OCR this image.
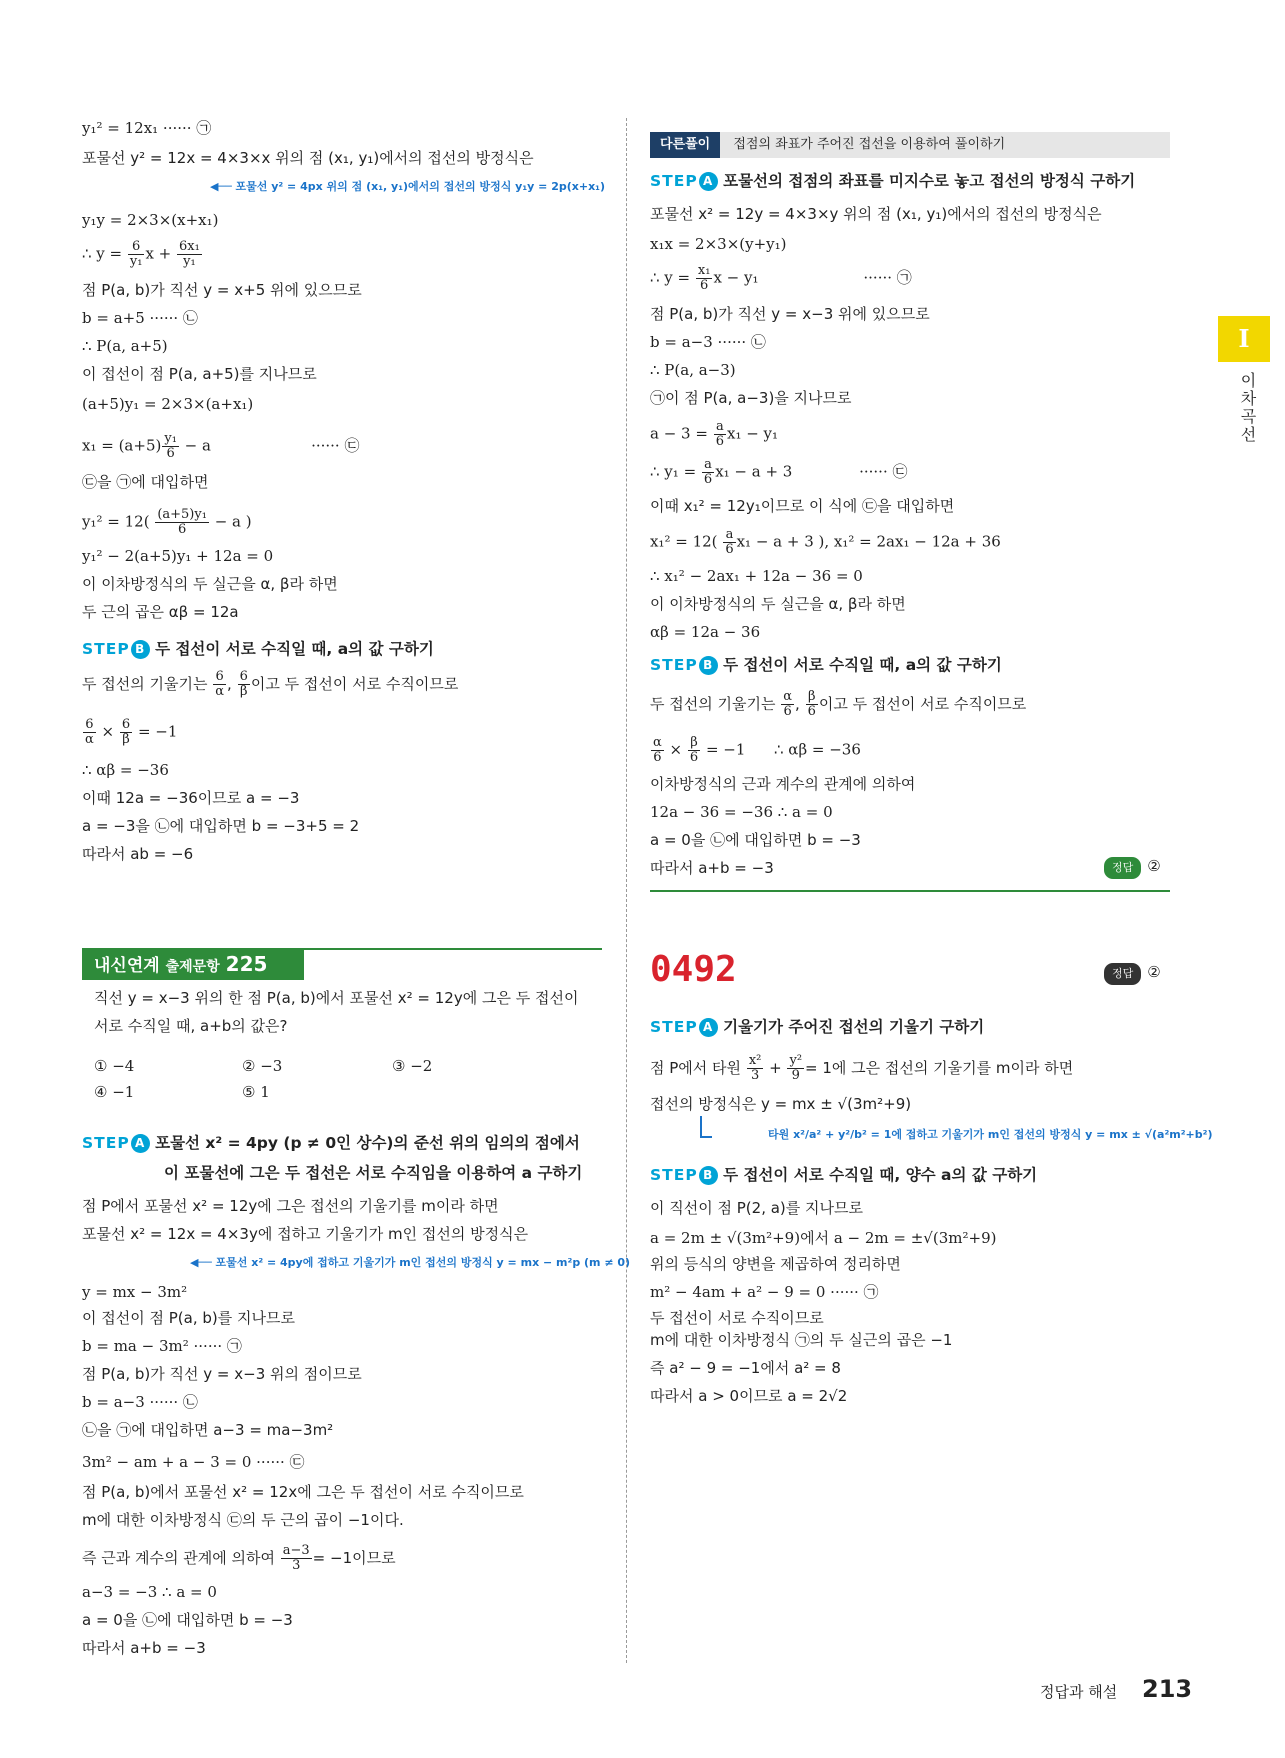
y₁² = 12x₁ ······ ㉠
포물선 y² = 12x = 4×3×x 위의 점 (x₁, y₁)에서의 접선의 방정식은
◀── 포물선 y² = 4px 위의 점 (x₁, y₁)에서의 접선의 방정식 y₁y = 2p(x+x₁)
y₁y = 2×3×(x+x₁)
∴ $y = \frac{6}{\text{y₁}}$ $x + \frac{\text{6x₁}}{\text{y₁}}$
점 P(a, b)가 직선 y = x+5 위에 있으므로
b = a+5 ······ ㉡
∴ P(a, a+5)
이 접선이 점 P(a, a+5)를 지나므로
(a+5)y₁ = 2×3×(a+x₁)
$x_1 = (a+5) \frac{\text{y₁}}{6} - a$                     ······ ㉢
㉢을 ㉠에 대입하면
$y_1^2 = 12( \frac{\text{(a+5)y₁}}{6} - a$ )
y₁² − 2(a+5)y₁ + 12a = 0
이 이차방정식의 두 실근을 α, β라 하면
두 근의 곱은 αβ = 12a
STEP B 두 접선이 서로 수직일 때, a의 값 구하기
두 접선의 기울기는 $\frac{6}{\alpha}$ , $\frac{6}{\beta}$ 이고 두 접선이 서로 수직이므로
$\frac{6}{\alpha} \times \frac{6}{\beta} = -1$
∴ αβ = −36
이때 12a = −36이므로 a = −3
a = −3을 ㉡에 대입하면 b = −3+5 = 2
따라서 ab = −6
내신연계 출제문항 225
직선 y = x−3 위의 한 점 P(a, b)에서 포물선 x² = 12y에 그은 두 접선이
서로 수직일 때, a+b의 값은?
① −4	② −3	③ −2
④ −1	⑤ 1
STEP A 포물선 x² = 4py (p ≠ 0인 상수)의 준선 위의 임의의 점에서
이 포물선에 그은 두 접선은 서로 수직임을 이용하여 a 구하기
점 P에서 포물선 x² = 12y에 그은 접선의 기울기를 m이라 하면
포물선 x² = 12x = 4×3y에 접하고 기울기가 m인 접선의 방정식은
◀── 포물선 x² = 4py에 접하고 기울기가 m인 접선의 방정식 y = mx − m²p (m ≠ 0)
y = mx − 3m²
이 접선이 점 P(a, b)를 지나므로
b = ma − 3m² ······ ㉠
점 P(a, b)가 직선 y = x−3 위의 점이므로
b = a−3 ······ ㉡
㉡을 ㉠에 대입하면 a−3 = ma−3m²
3m² − am + a − 3 = 0 ······ ㉢
점 P(a, b)에서 포물선 x² = 12x에 그은 두 접선이 서로 수직이므로
m에 대한 이차방정식 ㉢의 두 근의 곱이 −1이다.
즉 근과 계수의 관계에 의하여 $\frac{a-3}{3} = -1$이므로
a−3 = −3 ∴ a = 0
a = 0을 ㉡에 대입하면 b = −3
따라서 a+b = −3
다른풀이 접점의 좌표가 주어진 접선을 이용하여 풀이하기
STEP A 포물선의 접점의 좌표를 미지수로 놓고 접선의 방정식 구하기
포물선 x² = 12y = 4×3×y 위의 점 (x₁, y₁)에서의 접선의 방정식은
x₁x = 2×3×(y+y₁)
∴ $y = \frac{\text{x₁}}{6}$ x − y₁                      ······ ㉠
점 P(a, b)가 직선 y = x−3 위에 있으므로
b = a−3 ······ ㉡
∴ P(a, a−3)
㉠이 점 P(a, a−3)을 지나므로
$a - 3 = \frac{a}{6} x_1 - y_1$
∴ $y_1 = \frac{a}{6} x_1 - a + 3$              ······ ㉢
이때 x₁² = 12y₁이므로 이 식에 ㉢을 대입하면
$x_1^2 = 12( \frac{a}{6} x_1 - a + 3$ ), x₁² = 2ax₁ − 12a + 36
∴ x₁² − 2ax₁ + 12a − 36 = 0
이 이차방정식의 두 실근을 α, β라 하면
αβ = 12a − 36
STEP B 두 접선이 서로 수직일 때, a의 값 구하기
두 접선의 기울기는 $\frac{\alpha}{6}$ , $\frac{\beta}{6}$ 이고 두 접선이 서로 수직이므로
$\frac{\alpha}{6} \times \frac{\beta}{6} = -1$      ∴ αβ = −36
이차방정식의 근과 계수의 관계에 의하여
12a − 36 = −36 ∴ a = 0
a = 0을 ㉡에 대입하면 b = −3
따라서 a+b = −3	정답 ②
0492	정답 ②
STEP A 기울기가 주어진 접선의 기울기 구하기
점 P에서 타원 $\frac{\text{x²}}{3} + \frac{\text{y²}}{9} = 1$에 그은 접선의 기울기를 m이라 하면
접선의 방정식은 y = mx ± √(3m²+9)
타원 x²/a² + y²/b² = 1에 접하고 기울기가 m인 접선의 방정식 y = mx ± √(a²m²+b²)
STEP B 두 접선이 서로 수직일 때, 양수 a의 값 구하기
이 직선이 점 P(2, a)를 지나므로
a = 2m ± √(3m²+9)에서 a − 2m = ±√(3m²+9)
위의 등식의 양변을 제곱하여 정리하면
m² − 4am + a² − 9 = 0 ······ ㉠
두 접선이 서로 수직이므로
m에 대한 이차방정식 ㉠의 두 실근의 곱은 −1
즉 a² − 9 = −1에서 a² = 8
따라서 a > 0이므로 a = 2√2
I
이차곡선
정답과 해설 213
